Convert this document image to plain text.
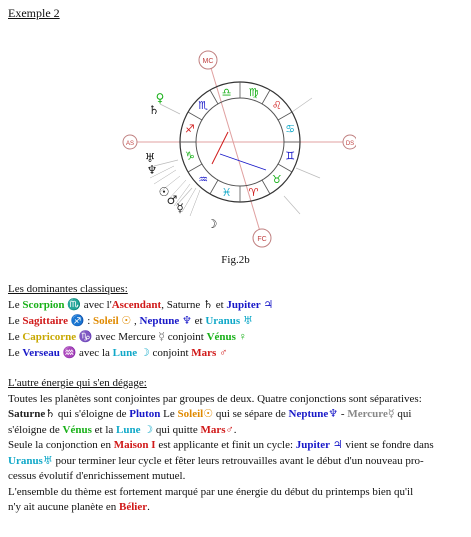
Exemple 2
♍
♌
♋
♊
♉
♈
♓
♒
♑
♐
♏
♎
♀
♄
♅
♆
☉
♂
☿
☽
MC
FC
AS	DS
Fig.2b
Les dominantes classiques:
Le Scorpion ♏ avec l'Ascendant, Saturne ♄ et Jupiter ♃
Le Sagittaire ♐ : Soleil ☉ , Neptune ♆ et Uranus ♅
Le Capricorne ♑ avec Mercure ☿ conjoint Vénus ♀
Le Verseau ♒ avec la Lune ☽ conjoint Mars ♂
L'autre énergie qui s'en dégage:
Toutes les planètes sont conjointes par groupes de deux. Quatre conjonctions sont séparatives:
Saturne♄ qui s'éloigne de Pluton Le Soleil☉ qui se sépare de Neptune♆ - Mercure☿ qui
s'éloigne de Vénus et la Lune ☽ qui quitte Mars♂.
Seule la conjonction en Maison I est applicante et finit un cycle: Jupiter ♃ vient se fondre dans
Uranus♅ pour terminer leur cycle et fêter leurs retrouvailles avant le début d'un nouveau pro-
cessus évolutif d'enrichissement mutuel.
L'ensemble du thème est fortement marqué par une énergie du début du printemps bien qu'il
n'y ait aucune planète en Bélier.
